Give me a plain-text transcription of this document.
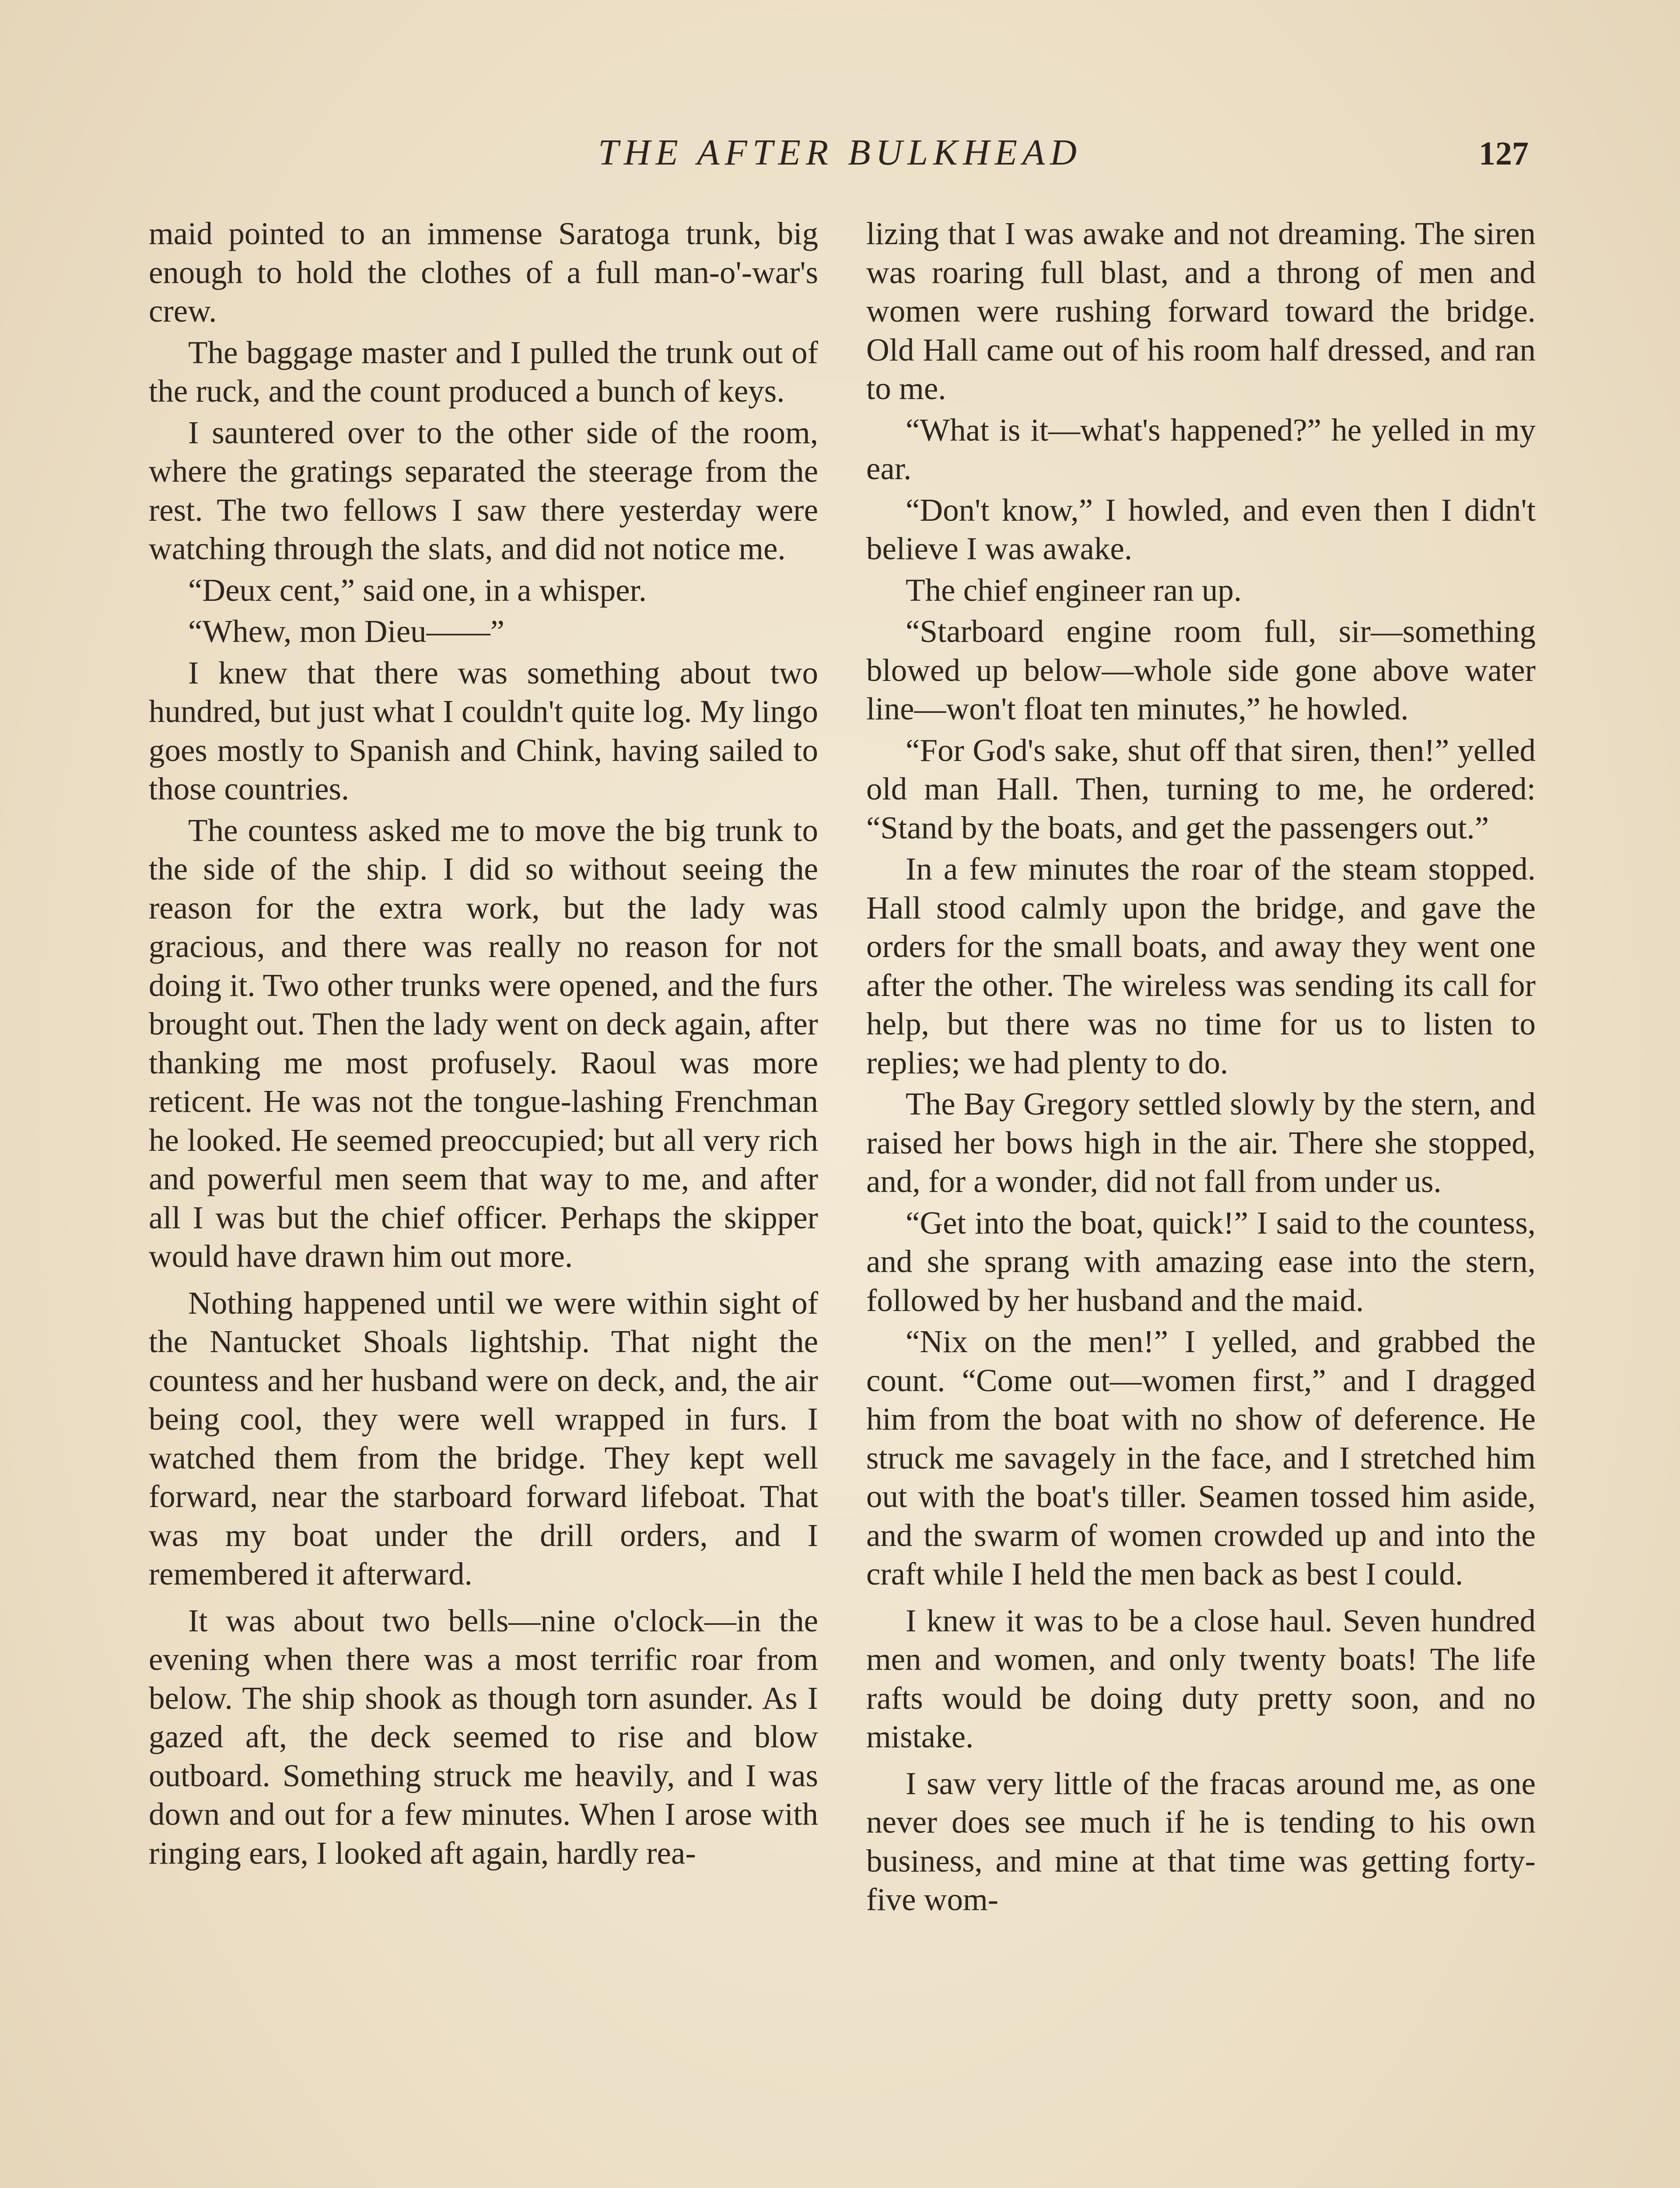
THE AFTER BULKHEAD	127

maid pointed to an immense Saratoga trunk, big enough to hold the clothes of a full man-o'-war's crew.

The baggage master and I pulled the trunk out of the ruck, and the count produced a bunch of keys.

I sauntered over to the other side of the room, where the gratings separated the steerage from the rest. The two fellows I saw there yesterday were watching through the slats, and did not notice me.

“Deux cent,” said one, in a whisper.

“Whew, mon Dieu——”

I knew that there was something about two hundred, but just what I couldn't quite log. My lingo goes mostly to Spanish and Chink, having sailed to those countries.

The countess asked me to move the big trunk to the side of the ship. I did so without seeing the reason for the extra work, but the lady was gracious, and there was really no reason for not doing it. Two other trunks were opened, and the furs brought out. Then the lady went on deck again, after thanking me most profusely. Raoul was more reticent. He was not the tongue-lashing Frenchman he looked. He seemed preoccupied; but all very rich and powerful men seem that way to me, and after all I was but the chief officer. Perhaps the skipper would have drawn him out more.

Nothing happened until we were within sight of the Nantucket Shoals lightship. That night the countess and her husband were on deck, and, the air being cool, they were well wrapped in furs. I watched them from the bridge. They kept well forward, near the starboard forward lifeboat. That was my boat under the drill orders, and I remembered it afterward.

It was about two bells—nine o'clock—in the evening when there was a most terrific roar from below. The ship shook as though torn asunder. As I gazed aft, the deck seemed to rise and blow outboard. Something struck me heavily, and I was down and out for a few minutes. When I arose with ringing ears, I looked aft again, hardly rea-

lizing that I was awake and not dreaming. The siren was roaring full blast, and a throng of men and women were rushing forward toward the bridge. Old Hall came out of his room half dressed, and ran to me.

“What is it—what's happened?” he yelled in my ear.

“Don't know,” I howled, and even then I didn't believe I was awake.

The chief engineer ran up.

“Starboard engine room full, sir—something blowed up below—whole side gone above water line—won't float ten minutes,” he howled.

“For God's sake, shut off that siren, then!” yelled old man Hall. Then, turning to me, he ordered: “Stand by the boats, and get the passengers out.”

In a few minutes the roar of the steam stopped. Hall stood calmly upon the bridge, and gave the orders for the small boats, and away they went one after the other. The wireless was sending its call for help, but there was no time for us to listen to replies; we had plenty to do.

The Bay Gregory settled slowly by the stern, and raised her bows high in the air. There she stopped, and, for a wonder, did not fall from under us.

“Get into the boat, quick!” I said to the countess, and she sprang with amazing ease into the stern, followed by her husband and the maid.

“Nix on the men!” I yelled, and grabbed the count. “Come out—women first,” and I dragged him from the boat with no show of deference. He struck me savagely in the face, and I stretched him out with the boat's tiller. Seamen tossed him aside, and the swarm of women crowded up and into the craft while I held the men back as best I could.

I knew it was to be a close haul. Seven hundred men and women, and only twenty boats! The life rafts would be doing duty pretty soon, and no mistake.

I saw very little of the fracas around me, as one never does see much if he is tending to his own business, and mine at that time was getting forty-five wom-
